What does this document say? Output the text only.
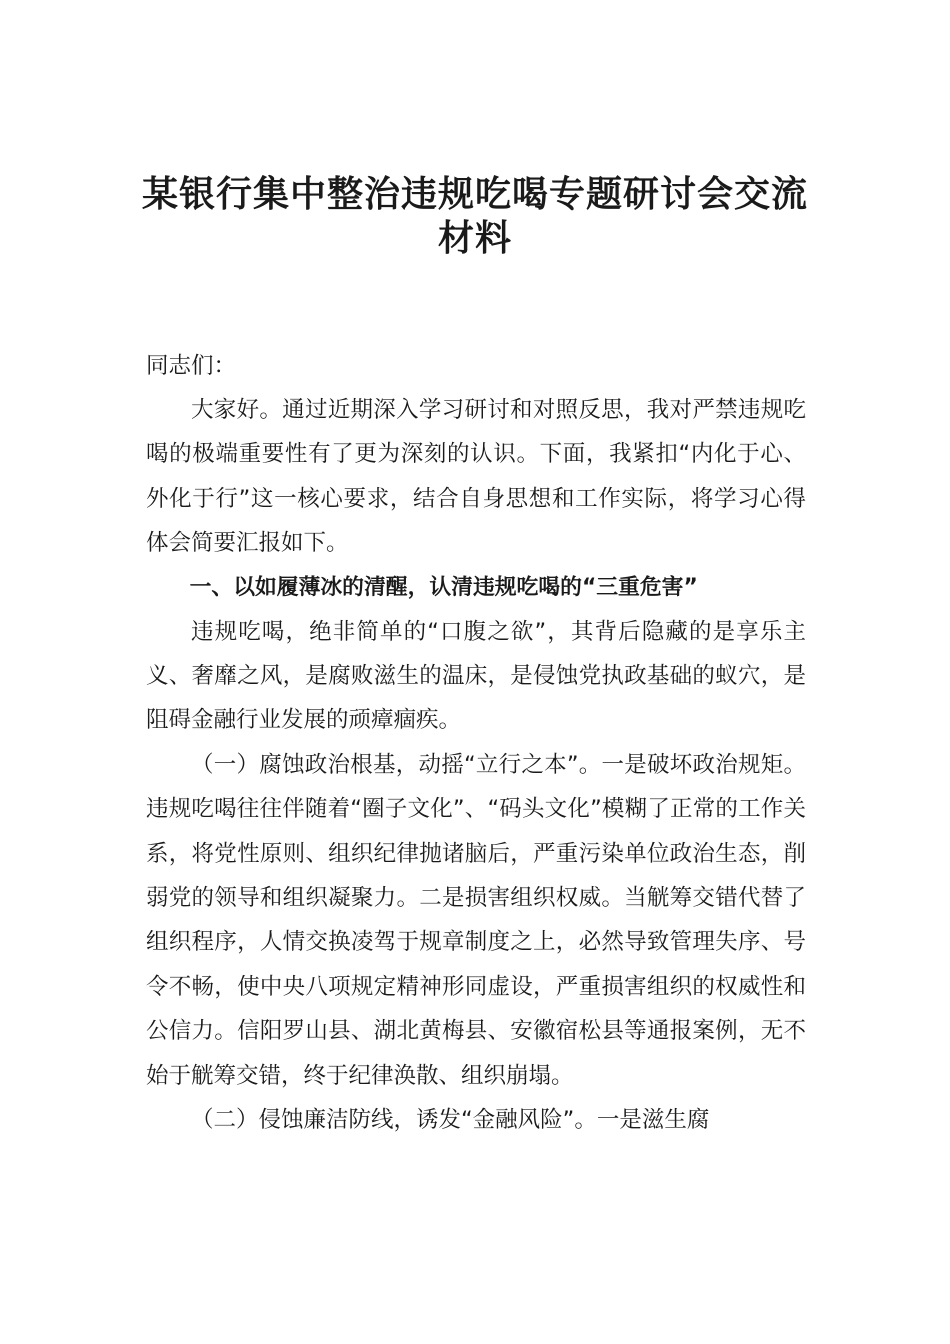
某银行集中整治违规吃喝专题研讨会交流
材料

同志们：

大家好。通过近期深入学习研讨和对照反思，我对严禁违规吃喝的极端重要性有了更为深刻的认识。下面，我紧扣“内化于心、外化于行”这一核心要求，结合自身思想和工作实际，将学习心得体会简要汇报如下。

一、以如履薄冰的清醒，认清违规吃喝的“三重危害”

违规吃喝，绝非简单的“口腹之欲”，其背后隐藏的是享乐主义、奢靡之风，是腐败滋生的温床，是侵蚀党执政基础的蚁穴，是阻碍金融行业发展的顽瘴痼疾。

（一）腐蚀政治根基，动摇“立行之本”。一是破坏政治规矩。违规吃喝往往伴随着“圈子文化”、“码头文化”模糊了正常的工作关系，将党性原则、组织纪律抛诸脑后，严重污染单位政治生态，削弱党的领导和组织凝聚力。二是损害组织权威。当觥筹交错代替了组织程序，人情交换凌驾于规章制度之上，必然导致管理失序、号令不畅，使中央八项规定精神形同虚设，严重损害组织的权威性和公信力。信阳罗山县、湖北黄梅县、安徽宿松县等通报案例，无不始于觥筹交错，终于纪律涣散、组织崩塌。

（二）侵蚀廉洁防线，诱发“金融风险”。一是滋生腐
